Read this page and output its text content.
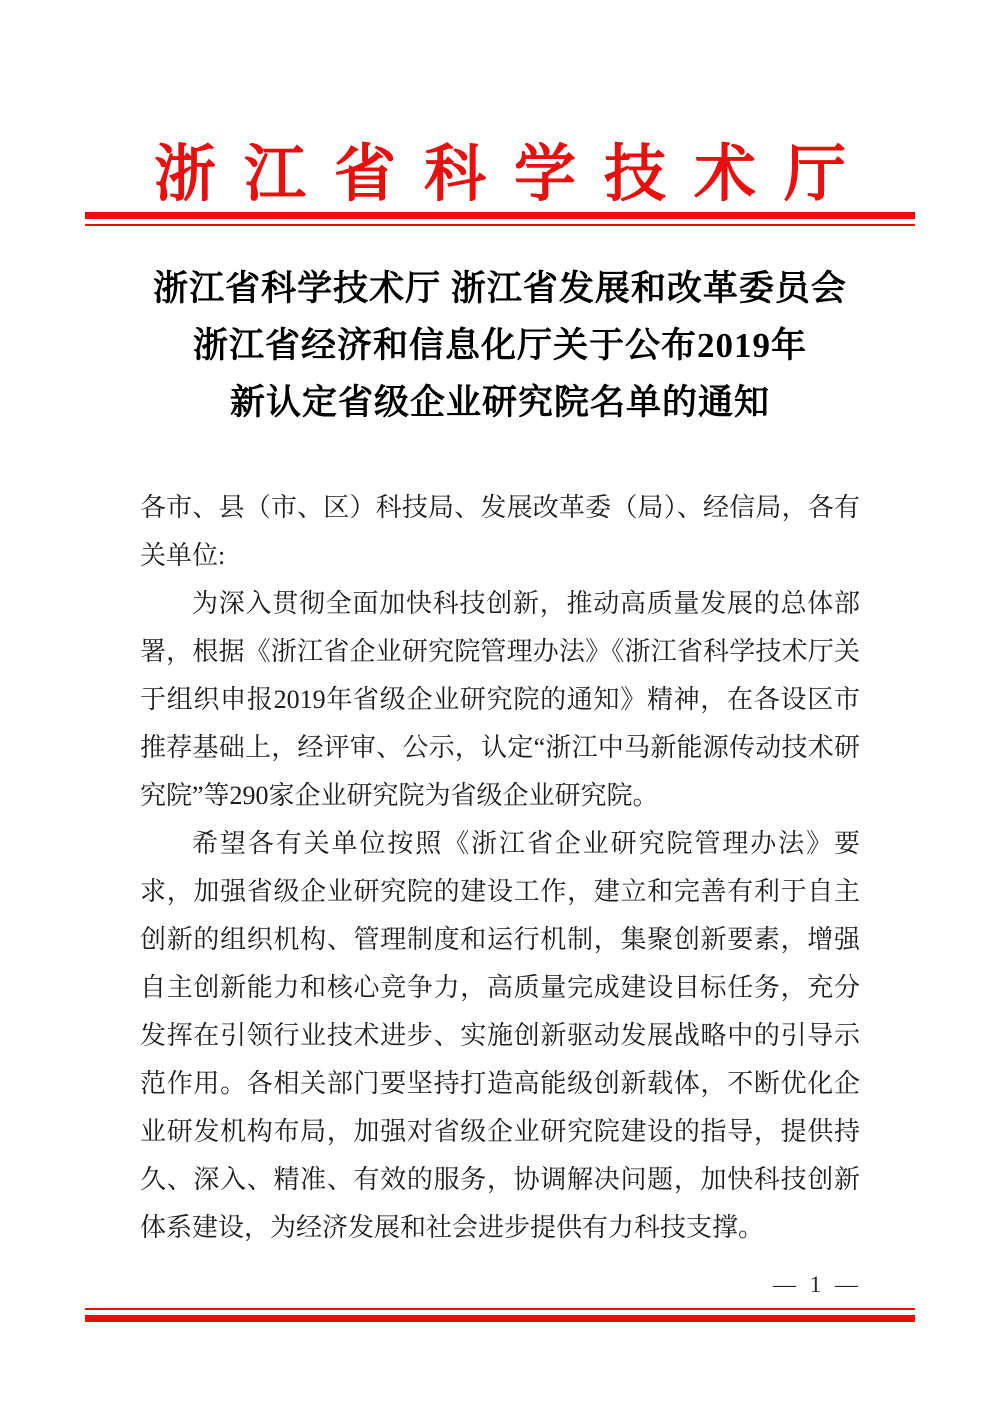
浙江省科学技术厅
浙江省科学技术厅 浙江省发展和改革委员会
浙江省经济和信息化厅关于公布2019年
新认定省级企业研究院名单的通知

各市、县（市、区）科技局、发展改革委（局）、经信局，各有关单位:

为深入贯彻全面加快科技创新，推动高质量发展的总体部署，根据《浙江省企业研究院管理办法》《浙江省科学技术厅关于组织申报2019年省级企业研究院的通知》精神，在各设区市推荐基础上，经评审、公示，认定“浙江中马新能源传动技术研究院”等290家企业研究院为省级企业研究院。

希望各有关单位按照《浙江省企业研究院管理办法》要求，加强省级企业研究院的建设工作，建立和完善有利于自主创新的组织机构、管理制度和运行机制，集聚创新要素，增强自主创新能力和核心竞争力，高质量完成建设目标任务，充分发挥在引领行业技术进步、实施创新驱动发展战略中的引导示范作用。各相关部门要坚持打造高能级创新载体，不断优化企业研发机构布局，加强对省级企业研究院建设的指导，提供持久、深入、精准、有效的服务，协调解决问题，加快科技创新体系建设，为经济发展和社会进步提供有力科技支撑。

— 1 —
